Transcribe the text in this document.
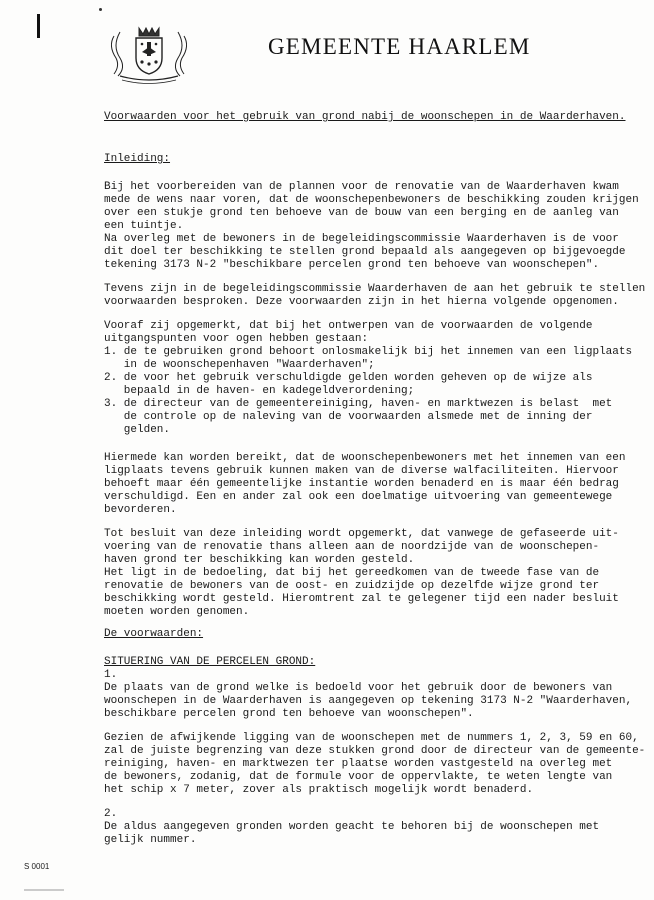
GEMEENTE HAARLEM
Voorwaarden voor het gebruik van grond nabij de woonschepen in de Waarderhaven.
Inleiding:
Bij het voorbereiden van de plannen voor de renovatie van de Waarderhaven kwam
mede de wens naar voren, dat de woonschepenbewoners de beschikking zouden krijgen
over een stukje grond ten behoeve van de bouw van een berging en de aanleg van
een tuintje.
Na overleg met de bewoners in de begeleidingscommissie Waarderhaven is de voor
dit doel ter beschikking te stellen grond bepaald als aangegeven op bijgevoegde
tekening 3173 N-2 "beschikbare percelen grond ten behoeve van woonschepen".
Tevens zijn in de begeleidingscommissie Waarderhaven de aan het gebruik te stellen
voorwaarden besproken. Deze voorwaarden zijn in het hierna volgende opgenomen.
Vooraf zij opgemerkt, dat bij het ontwerpen van de voorwaarden de volgende
uitgangspunten voor ogen hebben gestaan:
1. de te gebruiken grond behoort onlosmakelijk bij het innemen van een ligplaats
in de woonschepenhaven "Waarderhaven";
2. de voor het gebruik verschuldigde gelden worden geheven op de wijze als
bepaald in de haven- en kadegeldverordening;
3. de directeur van de gemeentereiniging, haven- en marktwezen is belast  met
de controle op de naleving van de voorwaarden alsmede met de inning der
gelden.
Hiermede kan worden bereikt, dat de woonschepenbewoners met het innemen van een
ligplaats tevens gebruik kunnen maken van de diverse walfaciliteiten. Hiervoor
behoeft maar één gemeentelijke instantie worden benaderd en is maar één bedrag
verschuldigd. Een en ander zal ook een doelmatige uitvoering van gemeentewege
bevorderen.
Tot besluit van deze inleiding wordt opgemerkt, dat vanwege de gefaseerde uit-
voering van de renovatie thans alleen aan de noordzijde van de woonschepen-
haven grond ter beschikking kan worden gesteld.
Het ligt in de bedoeling, dat bij het gereedkomen van de tweede fase van de
renovatie de bewoners van de oost- en zuidzijde op dezelfde wijze grond ter
beschikking wordt gesteld. Hieromtrent zal te gelegener tijd een nader besluit
moeten worden genomen.
De voorwaarden:
SITUERING VAN DE PERCELEN GROND:
1.
De plaats van de grond welke is bedoeld voor het gebruik door de bewoners van
woonschepen in de Waarderhaven is aangegeven op tekening 3173 N-2 "Waarderhaven,
beschikbare percelen grond ten behoeve van woonschepen".
Gezien de afwijkende ligging van de woonschepen met de nummers 1, 2, 3, 59 en 60,
zal de juiste begrenzing van deze stukken grond door de directeur van de gemeente-
reiniging, haven- en marktwezen ter plaatse worden vastgesteld na overleg met
de bewoners, zodanig, dat de formule voor de oppervlakte, te weten lengte van
het schip x 7 meter, zover als praktisch mogelijk wordt benaderd.
2.
De aldus aangegeven gronden worden geacht te behoren bij de woonschepen met
gelijk nummer.
S 0001
